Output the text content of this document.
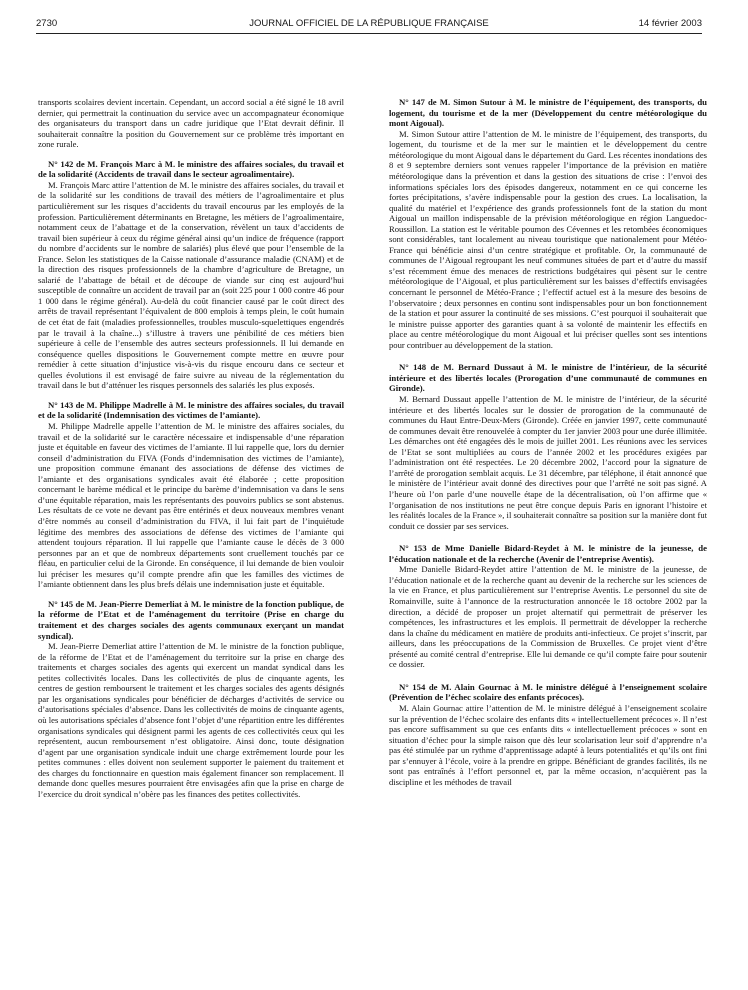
2730	JOURNAL OFFICIEL DE LA RÉPUBLIQUE FRANÇAISE	14 février 2003

transports scolaires devient incertain. Cependant, un accord social a été signé le 18 avril dernier, qui permettrait la continuation du service avec un accompagnateur économique des organisateurs du transport dans un cadre juridique que l’Etat devrait définir. Il souhaiterait connaître la position du Gouvernement sur ce problème très important en zone rurale.

N° 142 de M. François Marc à M. le ministre des affaires sociales, du travail et de la solidarité (Accidents de travail dans le secteur agroalimentaire).

M. François Marc attire l’attention de M. le ministre des affaires sociales, du travail et de la solidarité sur les conditions de travail des métiers de l’agroalimentaire et plus particulièrement sur les risques d’accidents du travail encourus par les employés de la profession. Particulièrement déterminants en Bretagne, les métiers de l’agroalimentaire, notamment ceux de l’abattage et de la conservation, révèlent un taux d’accidents de travail bien supérieur à ceux du régime général ainsi qu’un indice de fréquence (rapport du nombre d’accidents sur le nombre de salariés) plus élevé que pour l’ensemble de la France. Selon les statistiques de la Caisse nationale d’assurance maladie (CNAM) et de la direction des risques professionnels de la chambre d’agriculture de Bretagne, un salarié de l’abattage de bétail et de découpe de viande sur cinq est aujourd’hui susceptible de connaître un accident de travail par an (soit 225 pour 1 000 contre 46 pour 1 000 dans le régime général). Au-delà du coût financier causé par le coût direct des arrêts de travail représentant l’équivalent de 800 emplois à temps plein, le coût humain de cet état de fait (maladies professionnelles, troubles musculo-squelettiques engendrés par le travail à la chaîne...) s’illustre à travers une pénibilité de ces métiers bien supérieure à celle de l’ensemble des autres secteurs professionnels. Il lui demande en conséquence quelles dispositions le Gouvernement compte mettre en œuvre pour remédier à cette situation d’injustice vis-à-vis du risque encouru dans ce secteur et quelles évolutions il est envisagé de faire suivre au niveau de la réglementation du travail dans le but d’atténuer les risques personnels des salariés les plus exposés.

N° 143 de M. Philippe Madrelle à M. le ministre des affaires sociales, du travail et de la solidarité (Indemnisation des victimes de l’amiante).

M. Philippe Madrelle appelle l’attention de M. le ministre des affaires sociales, du travail et de la solidarité sur le caractère nécessaire et indispensable d’une réparation juste et équitable en faveur des victimes de l’amiante. Il lui rappelle que, lors du dernier conseil d’administration du FIVA (Fonds d’indemnisation des victimes de l’amiante), une proposition commune émanant des associations de défense des victimes de l’amiante et des organisations syndicales avait été élaborée ; cette proposition concernant le barème médical et le principe du barème d’indemnisation va dans le sens d’une équitable réparation, mais les représentants des pouvoirs publics se sont abstenus. Les résultats de ce vote ne devant pas être entérinés et deux nouveaux membres venant d’être nommés au conseil d’administration du FIVA, il lui fait part de l’inquiétude légitime des membres des associations de défense des victimes de l’amiante qui attendent toujours réparation. Il lui rappelle que l’amiante cause le décès de 3 000 personnes par an et que de nombreux départements sont cruellement touchés par ce fléau, en particulier celui de la Gironde. En conséquence, il lui demande de bien vouloir lui préciser les mesures qu’il compte prendre afin que les familles des victimes de l’amiante obtiennent dans les plus brefs délais une indemnisation juste et équitable.

N° 145 de M. Jean-Pierre Demerliat à M. le ministre de la fonction publique, de la réforme de l’Etat et de l’aménagement du territoire (Prise en charge du traitement et des charges sociales des agents communaux exerçant un mandat syndical).

M. Jean-Pierre Demerliat attire l’attention de M. le ministre de la fonction publique, de la réforme de l’Etat et de l’aménagement du territoire sur la prise en charge des traitements et charges sociales des agents qui exercent un mandat syndical dans les petites collectivités locales. Dans les collectivités de plus de cinquante agents, les centres de gestion remboursent le traitement et les charges sociales des agents désignés par les organisations syndicales pour bénéficier de décharges d’activités de service ou d’autorisations spéciales d’absence. Dans les collectivités de moins de cinquante agents, où les autorisations spéciales d’absence font l’objet d’une répartition entre les différentes organisations syndicales qui désignent parmi les agents de ces collectivités ceux qui les représentent, aucun remboursement n’est obligatoire. Ainsi donc, toute désignation d’agent par une organisation syndicale induit une charge extrêmement lourde pour les petites communes : elles doivent non seulement supporter le paiement du traitement et des charges du fonctionnaire en question mais également financer son remplacement. Il demande donc quelles mesures pourraient être envisagées afin que la prise en charge de l’exercice du droit syndical n’obère pas les finances des petites collectivités.

N° 147 de M. Simon Sutour à M. le ministre de l’équipement, des transports, du logement, du tourisme et de la mer (Développement du centre météorologique du mont Aigoual).

M. Simon Sutour attire l’attention de M. le ministre de l’équipement, des transports, du logement, du tourisme et de la mer sur le maintien et le développement du centre météorologique du mont Aigoual dans le département du Gard. Les récentes inondations des 8 et 9 septembre derniers sont venues rappeler l’importance de la prévision en matière météorologique dans la prévention et dans la gestion des situations de crise : l’envoi des informations spéciales lors des épisodes dangereux, notamment en ce qui concerne les fortes précipitations, s’avère indispensable pour la gestion des crues. La localisation, la qualité du matériel et l’expérience des grands professionnels font de la station du mont Aigoual un maillon indispensable de la prévision météorologique en région Languedoc-Roussillon. La station est le véritable poumon des Cévennes et les retombées économiques sont considérables, tant localement au niveau touristique que nationalement pour Météo-France qui bénéficie ainsi d’un centre stratégique et profitable. Or, la communauté de communes de l’Aigoual regroupant les neuf communes situées de part et d’autre du massif s’est récemment émue des menaces de restrictions budgétaires qui pèsent sur le centre météorologique de l’Aigoual, et plus particulièrement sur les baisses d’effectifs envisagées concernant le personnel de Météo-France ; l’effectif actuel est à la mesure des besoins de l’observatoire ; deux personnes en continu sont indispensables pour un bon fonctionnement de la station et pour assurer la continuité de ses missions. C’est pourquoi il souhaiterait que le ministre puisse apporter des garanties quant à sa volonté de maintenir les effectifs en place au centre météorologique du mont Aigoual et lui préciser quelles sont ses intentions pour contribuer au développement de la station.

N° 148 de M. Bernard Dussaut à M. le ministre de l’intérieur, de la sécurité intérieure et des libertés locales (Prorogation d’une communauté de communes en Gironde).

M. Bernard Dussaut appelle l’attention de M. le ministre de l’intérieur, de la sécurité intérieure et des libertés locales sur le dossier de prorogation de la communauté de communes du Haut Entre-Deux-Mers (Gironde). Créée en janvier 1997, cette communauté de communes devait être renouvelée à compter du 1er janvier 2003 pour une durée illimitée. Les démarches ont été engagées dès le mois de juillet 2001. Les réunions avec les services de l’Etat se sont multipliées au cours de l’année 2002 et les procédures exigées par l’administration ont été respectées. Le 20 décembre 2002, l’accord pour la signature de l’arrêté de prorogation semblait acquis. Le 31 décembre, par téléphone, il était annoncé que le ministère de l’intérieur avait donné des directives pour que l’arrêté ne soit pas signé. A l’heure où l’on parle d’une nouvelle étape de la décentralisation, où l’on affirme que « l’organisation de nos institutions ne peut être conçue depuis Paris en ignorant l’histoire et les réalités locales de la France », il souhaiterait connaître sa position sur la manière dont fut conduit ce dossier par ses services.

N° 153 de Mme Danielle Bidard-Reydet à M. le ministre de la jeunesse, de l’éducation nationale et de la recherche (Avenir de l’entreprise Aventis).

Mme Danielle Bidard-Reydet attire l’attention de M. le ministre de la jeunesse, de l’éducation nationale et de la recherche quant au devenir de la recherche sur les sciences de la vie en France, et plus particulièrement sur l’entreprise Aventis. Le personnel du site de Romainville, suite à l’annonce de la restructuration annoncée le 18 octobre 2002 par la direction, a décidé de proposer un projet alternatif qui permettrait de préserver les compétences, les infrastructures et les emplois. Il permettrait de développer la recherche dans la chaîne du médicament en matière de produits anti-infectieux. Ce projet s’inscrit, par ailleurs, dans les préoccupations de la Commission de Bruxelles. Ce projet vient d’être présenté au comité central d’entreprise. Elle lui demande ce qu’il compte faire pour soutenir ce dossier.

N° 154 de M. Alain Gournac à M. le ministre délégué à l’enseignement scolaire (Prévention de l’échec scolaire des enfants précoces).

M. Alain Gournac attire l’attention de M. le ministre délégué à l’enseignement scolaire sur la prévention de l’échec scolaire des enfants dits « intellectuellement précoces ». Il n’est pas encore suffisamment su que ces enfants dits « intellectuellement précoces » sont en situation d’échec pour la simple raison que dès leur scolarisation leur soif d’apprendre n’a pas été stimulée par un rythme d’apprentissage adapté à leurs potentialités et qu’ils ont fini par s’ennuyer à l’école, voire à la prendre en grippe. Bénéficiant de grandes facilités, ils ne sont pas entraînés à l’effort personnel et, par la même occasion, n’acquièrent pas la discipline et les méthodes de travail
